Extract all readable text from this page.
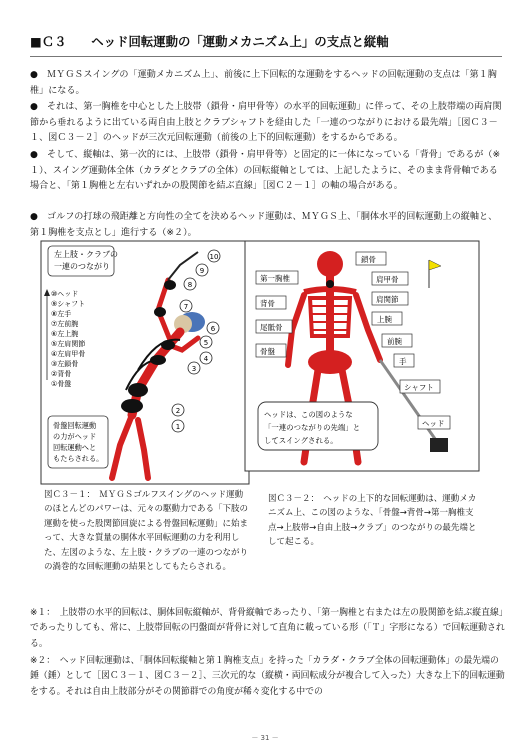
■Ｃ３　　ヘッド回転運動の「運動メカニズム上」の支点と縦軸
●　ＭＹＧＳスイングの「運動メカニズム上」、前後に上下回転的な運動をするヘッドの回転運動の支点は「第１胸椎」になる。
●　それは、第一胸椎を中心とした上肢帯（鎖骨・肩甲骨等）の水平的回転運動」に伴って、その上肢帯端の両肩関節から垂れるように出ている両自由上肢とクラブシャフトを経由した「一連のつながりにおける最先端」［図Ｃ３－１、図Ｃ３－２］のヘッドが三次元回転運動（前後の上下的回転運動）をするからである。
●　そして、縦軸は、第一次的には、上肢帯（鎖骨・肩甲骨等）と固定的に一体になっている「背骨」であるが（※１）、スイング運動体全体（カラダとクラブの全体）の回転縦軸としては、上記したように、そのまま背骨軸である場合と、「第１胸椎と左右いずれかの股関節を結ぶ直線」［図Ｃ２－１］の軸の場合がある。
●　ゴルフの打球の飛距離と方向性の全てを決めるヘッド運動は、ＭＹＧＳ上、「胴体水平的回転運動上の縦軸と、第１胸椎を支点とし」進行する（※２）。
左上肢・クラブの
一連のつながり
⑩ヘッド
⑨シャフト
⑧左手
⑦左前腕
⑥左上腕
⑤左肩関節
④左肩甲骨
③左鎖骨
②背骨
①骨盤
1
2
3
4
5
6
7
8
9
10
骨盤回転運動
の力がヘッド
回転運動へと
もたらされる。
第一胸椎
鎖骨
肩甲骨
肩関節
背骨
上腕
尾骶骨
前腕
骨盤
手
シャフト
ヘッド
ヘッドは、この図のような
「一連のつながりの先端」と
してスイングされる。
図Ｃ３－１：　ＭＹＧＳゴルフスイングのヘッド運動のほとんどのパワーは、元々の駆動力である「下肢の運動を使った股関節回旋による骨盤回転運動」に始まって、大きな質量の胴体水平回転運動の力を利用した、左図のような、左上肢・クラブの一連のつながりの渦巻的な回転運動の結果としてもたらされる。
図Ｃ３－２：　ヘッドの上下的な回転運動は、運動メカニズム上、この図のような、「骨盤→背骨→第一胸椎支点→上肢帯→自由上肢→クラブ」のつながりの最先端として起こる。
※１：　上肢帯の水平的回転は、胴体回転縦軸が、背骨縦軸であったり、「第一胸椎と右または左の股関節を結ぶ縦直線」であったりしても、常に、上肢帯回転の円盤面が背骨に対して直角に載っている形（「Ｔ」字形になる）で回転運動される。
※２：　ヘッド回転運動は、「胴体回転縦軸と第１胸椎支点」を持った「カラダ・クラブ全体の回転運動体」の最先端の錘（錘）として［図Ｃ３－１、図Ｃ３－２］、三次元的な（縦横・両回転成分が複合して入った）大きな上下的回転運動をする。それは自由上肢部分がその関節群での角度が稀々変化する中での
－ 31 －
